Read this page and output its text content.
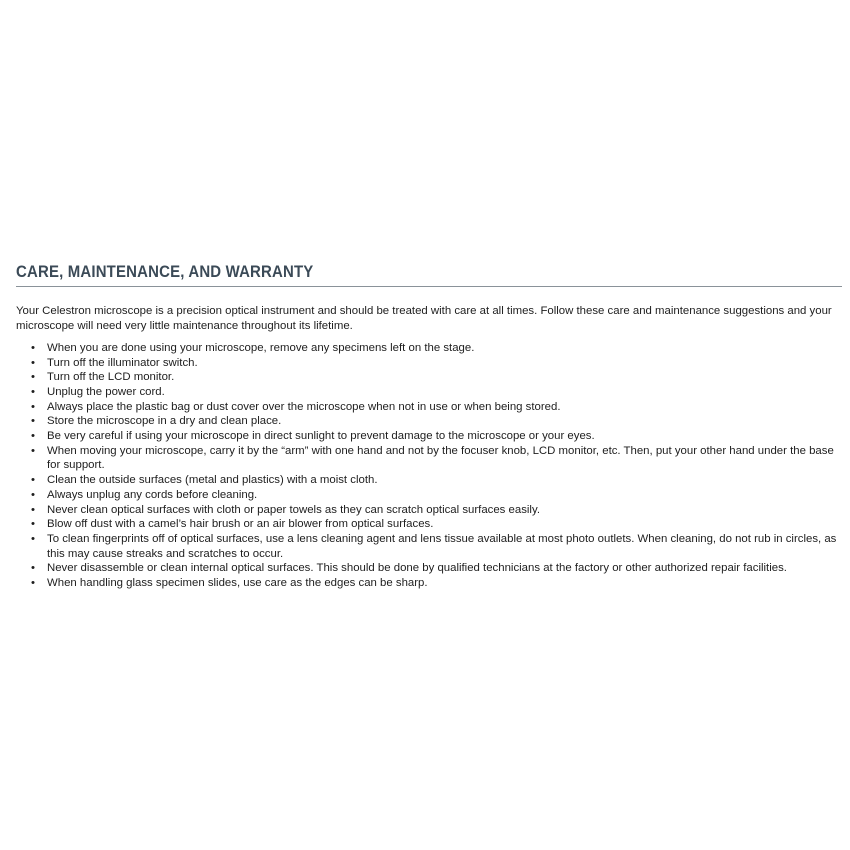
CARE, MAINTENANCE, AND WARRANTY

Your Celestron microscope is a precision optical instrument and should be treated with care at all times. Follow these care and maintenance suggestions and your microscope will need very little maintenance throughout its lifetime.

• When you are done using your microscope, remove any specimens left on the stage.
• Turn off the illuminator switch.
• Turn off the LCD monitor.
• Unplug the power cord.
• Always place the plastic bag or dust cover over the microscope when not in use or when being stored.
• Store the microscope in a dry and clean place.
• Be very careful if using your microscope in direct sunlight to prevent damage to the microscope or your eyes.
• When moving your microscope, carry it by the “arm” with one hand and not by the focuser knob, LCD monitor, etc. Then, put your other hand under the base for support.
• Clean the outside surfaces (metal and plastics) with a moist cloth.
• Always unplug any cords before cleaning.
• Never clean optical surfaces with cloth or paper towels as they can scratch optical surfaces easily.
• Blow off dust with a camel’s hair brush or an air blower from optical surfaces.
• To clean fingerprints off of optical surfaces, use a lens cleaning agent and lens tissue available at most photo outlets. When cleaning, do not rub in circles, as this may cause streaks and scratches to occur.
• Never disassemble or clean internal optical surfaces. This should be done by qualified technicians at the factory or other authorized repair facilities.
• When handling glass specimen slides, use care as the edges can be sharp.
